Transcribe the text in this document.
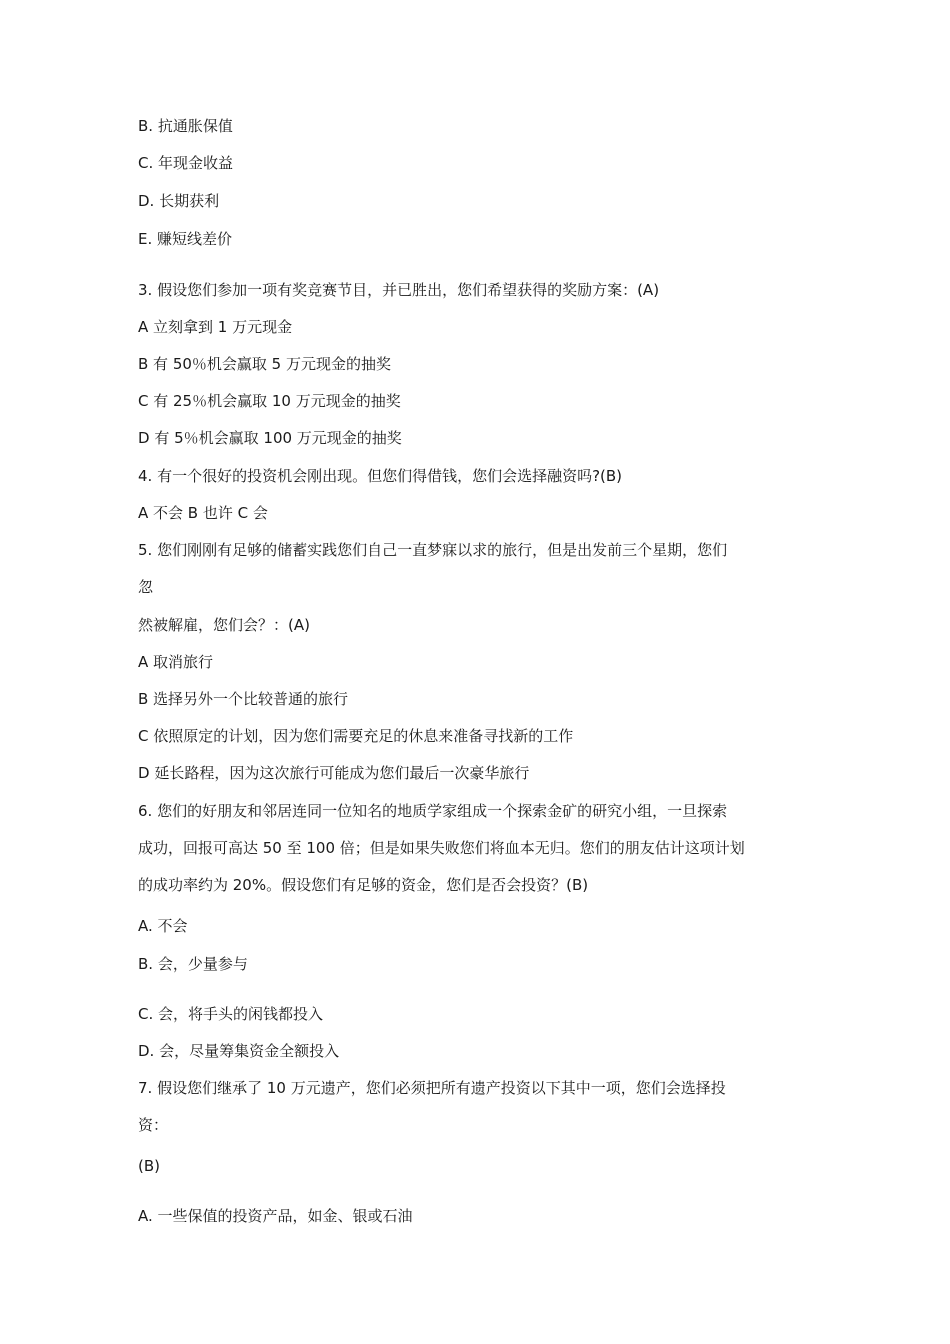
B. 抗通胀保值

C. 年现金收益

D. 长期获利

E. 赚短线差价

3. 假设您们参加一项有奖竞赛节目，并已胜出，您们希望获得的奖励方案：(A)

A 立刻拿到 1 万元现金

B 有 50％机会赢取 5 万元现金的抽奖

C 有 25％机会赢取 10 万元现金的抽奖

D 有 5％机会赢取 100 万元现金的抽奖

4. 有一个很好的投资机会刚出现。但您们得借钱，您们会选择融资吗?(B)

A 不会 B 也许 C 会

5. 您们刚刚有足够的储蓄实践您们自己一直梦寐以求的旅行，但是出发前三个星期，您们

忽

然被解雇，您们会？：(A)

A 取消旅行

B 选择另外一个比较普通的旅行

C 依照原定的计划，因为您们需要充足的休息来准备寻找新的工作

D 延长路程，因为这次旅行可能成为您们最后一次豪华旅行

6. 您们的好朋友和邻居连同一位知名的地质学家组成一个探索金矿的研究小组，一旦探索

成功，回报可高达 50 至 100 倍；但是如果失败您们将血本无归。您们的朋友估计这项计划

的成功率约为 20%。假设您们有足够的资金，您们是否会投资？(B)

A. 不会

B. 会，少量参与

C. 会，将手头的闲钱都投入

D. 会，尽量筹集资金全额投入

7. 假设您们继承了 10 万元遗产，您们必须把所有遗产投资以下其中一项，您们会选择投

资：

(B)

A. 一些保值的投资产品，如金、银或石油
